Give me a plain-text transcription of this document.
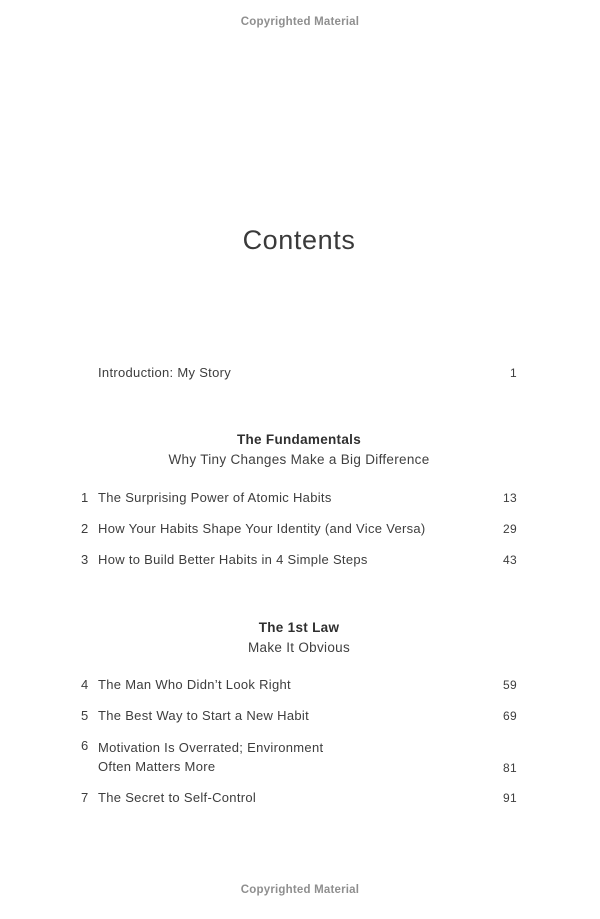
Copyrighted Material
Contents
Introduction: My Story	1
The Fundamentals
Why Tiny Changes Make a Big Difference
1 The Surprising Power of Atomic Habits	13
2 How Your Habits Shape Your Identity (and Vice Versa)	29
3 How to Build Better Habits in 4 Simple Steps	43
The 1st Law
Make It Obvious
4 The Man Who Didn’t Look Right	59
5 The Best Way to Start a New Habit	69
6 Motivation Is Overrated; Environment
Often Matters More	81
7 The Secret to Self-Control	91
Copyrighted Material
